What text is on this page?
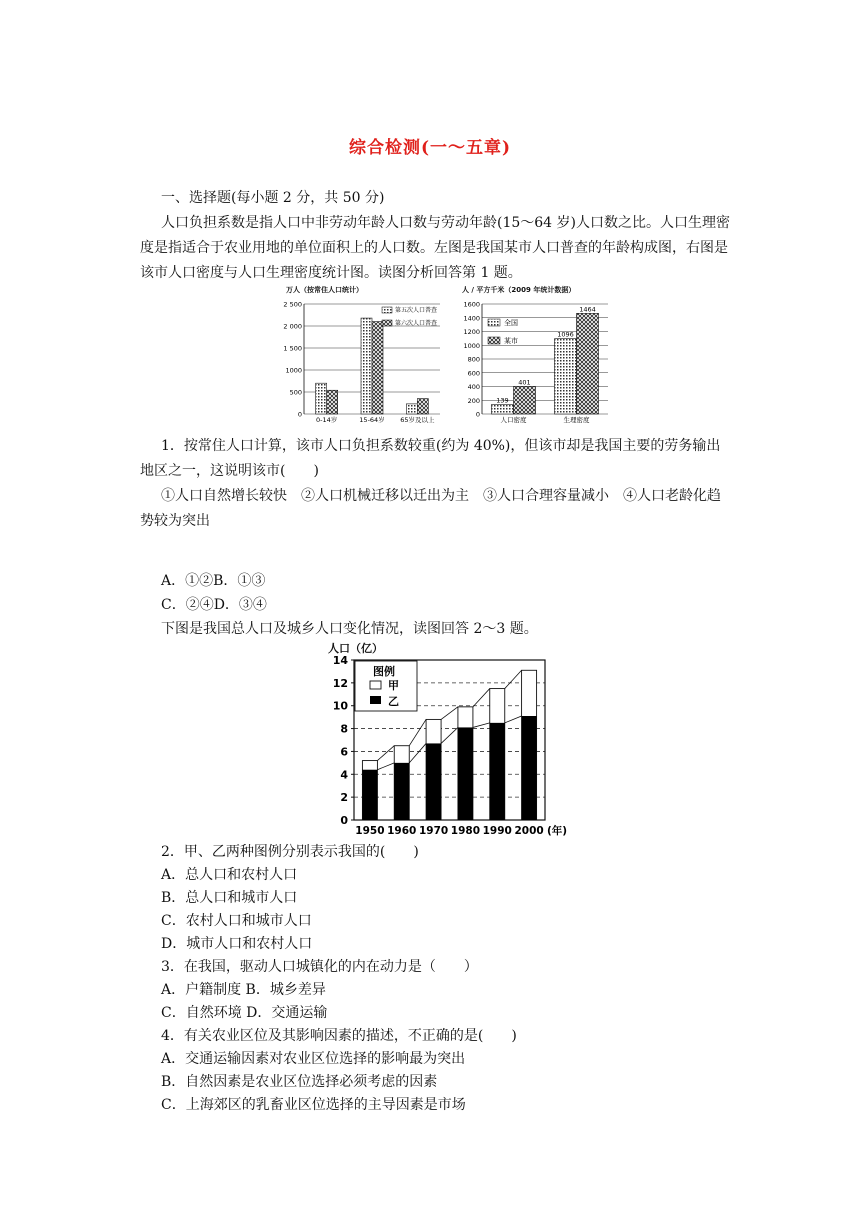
综合检测(一～五章)
一、选择题(每小题 2 分，共 50 分)
人口负担系数是指人口中非劳动年龄人口数与劳动年龄(15～64 岁)人口数之比。人口生理密度是指适合于农业用地的单位面积上的人口数。左图是我国某市人口普查的年龄构成图，右图是该市人口密度与人口生理密度统计图。读图分析回答第 1 题。
万人（按常住人口统计）
0
500
1000
1 500
2 000
2 500
0-14岁	15-64岁 65岁及以上
第五次人口普查
第六次人口普查
人 / 平方千米（2009 年统计数据）
0
200
400
600
800
1000
1200
1400
1600
139
401
人口密度
1096
1464
生理密度
全国
某市
1．按常住人口计算，该市人口负担系数较重(约为 40%)，但该市却是我国主要的劳务输出地区之一，这说明该市(　　)
①人口自然增长较快　②人口机械迁移以迁出为主　③人口合理容量减小　④人口老龄化趋势较为突出
A．①②B．①③
C．②④D．③④
下图是我国总人口及城乡人口变化情况，读图回答 2～3 题。
人口（亿）
0
2
4
6
8
10
12
14
1950 1960 1970 1980 1990 2000 (年)
图例
甲
乙
2．甲、乙两种图例分别表示我国的(　　)
A．总人口和农村人口
B．总人口和城市人口
C．农村人口和城市人口
D．城市人口和农村人口
3．在我国，驱动人口城镇化的内在动力是（　　）
A．户籍制度 B．城乡差异
C．自然环境 D．交通运输
4．有关农业区位及其影响因素的描述，不正确的是(　　)
A．交通运输因素对农业区位选择的影响最为突出
B．自然因素是农业区位选择必须考虑的因素
C．上海郊区的乳畜业区位选择的主导因素是市场
